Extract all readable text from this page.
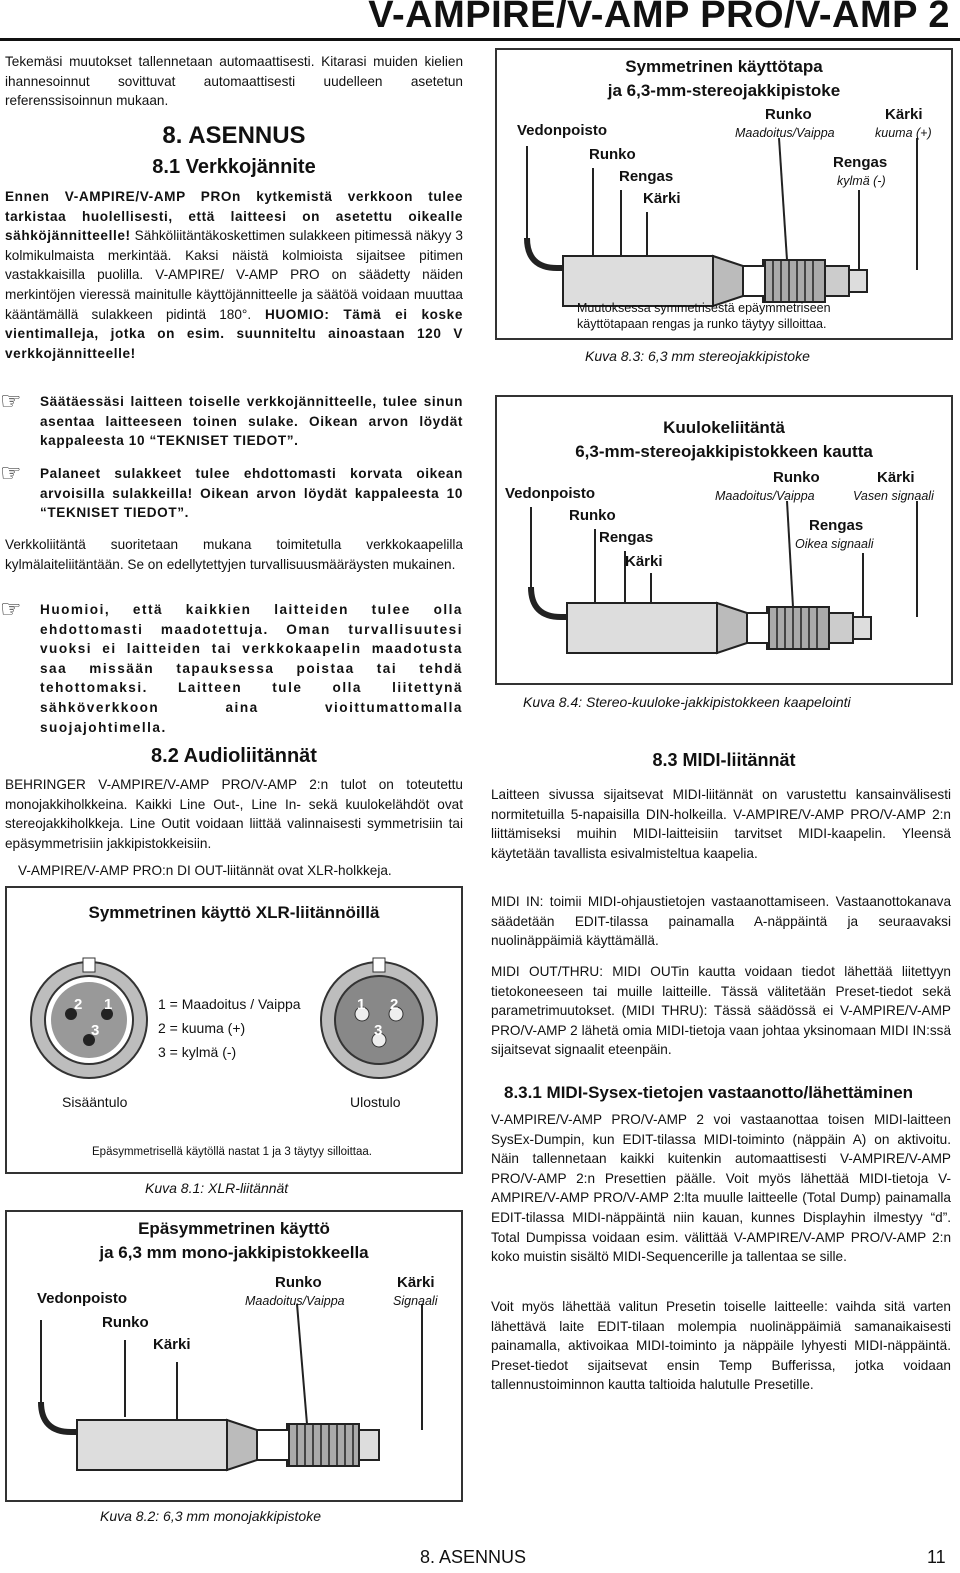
V-AMPIRE/V-AMP PRO/V-AMP 2

Tekemäsi muutokset tallennetaan automaattisesti. Kitarasi muiden kielien ihannesoinnut sovittuvat automaattisesti uudelleen asetetun referenssisoinnun mukaan.

8. ASENNUS
8.1 Verkkojännite

Ennen V-AMPIRE/V-AMP PROn kytkemistä verkkoon tulee tarkistaa huolellisesti, että laitteesi on asetettu oikealle sähköjännitteelle! Sähköliitäntäkoskettimen sulakkeen pitimessä näkyy 3 kolmikulmaista merkintää. Kaksi näistä kolmioista sijaitsee pitimen vastakkaisilla puolilla. V-AMPIRE/ V-AMP PRO on säädetty näiden merkintöjen vieressä mainitulle käyttöjännitteelle ja säätöä voidaan muuttaa kääntämällä sulakkeen pidintä 180°. HUOMIO: Tämä ei koske vientimalleja, jotka on esim. suunniteltu ainoastaan 120 V verkkojännitteelle!

☞	Säätäessäsi laitteen toiselle verkkojännitteelle, tulee sinun asentaa laitteeseen toinen sulake. Oikean arvon löydät kappaleesta 10 “TEKNISET TIEDOT”.

☞	Palaneet sulakkeet tulee ehdottomasti korvata oikean arvoisilla sulakkeilla! Oikean arvon löydät kappaleesta 10 “TEKNISET TIEDOT”.

Verkkoliitäntä suoritetaan mukana toimitetulla verkkokaapelilla kylmälaiteliitäntään. Se on edellytettyjen turvallisuusmääräysten mukainen.

☞	Huomioi, että kaikkien laitteiden tulee olla ehdottomasti maadotettuja. Oman turvallisuutesi vuoksi ei laitteiden tai verkkokaapelin maadotusta saa missään tapauksessa poistaa tai tehdä tehottomaksi. Laitteen tule olla liitettynä sähköverkkoon aina vioittumattomalla suojajohtimella.

8.2 Audioliitännät

BEHRINGER V-AMPIRE/V-AMP PRO/V-AMP 2:n tulot on toteutettu monojakkiholkkeina. Kaikki Line Out-, Line In- sekä kuulokelähdöt ovat stereojakkiholkkeja. Line Outit voidaan liittää valinnaisesti symmetrisiin tai epäsymmetrisiin jakkipistokkeisiin.

V-AMPIRE/V-AMP PRO:n DI OUT-liitännät ovat XLR-holkkeja.

Symmetrinen käyttö XLR-liitännöillä
2 1
3
1 2
3
1 = Maadoitus / Vaippa
2 = kuuma (+)
3 = kylmä (-)
Sisääntulo	Ulostulo
Epäsymmetrisellä käytöllä nastat 1 ja 3 täytyy silloittaa.
Kuva 8.1: XLR-liitännät
Epäsymmetrinen käyttö
ja 6,3 mm mono-jakkipistokkeella
Vedonpoisto
Runko
Kärki
Runko
Maadoitus/Vaippa
Kärki
Signaali
Kuva 8.2: 6,3 mm monojakkipistoke
Symmetrinen käyttötapa
ja 6,3-mm-stereojakkipistoke
Vedonpoisto
Runko
Rengas
Kärki
Runko
Maadoitus/Vaippa
Kärki
kuuma (+)
Rengas
kylmä (-)
Muutoksessa symmetrisestä epäymmetriseen käyttötapaan rengas ja runko täytyy silloittaa.
Kuva 8.3: 6,3 mm stereojakkipistoke
Kuulokeliitäntä
6,3-mm-stereojakkipistokkeen kautta
Vedonpoisto
Runko
Rengas
Kärki
Runko
Maadoitus/Vaippa
Kärki
Vasen signaali
Rengas
Oikea signaali
Kuva 8.4: Stereo-kuuloke-jakkipistokkeen kaapelointi
8.3 MIDI-liitännät

Laitteen sivussa sijaitsevat MIDI-liitännät on varustettu kansainvälisesti normitetuilla 5-napaisilla DIN-holkeilla. V-AMPIRE/V-AMP PRO/V-AMP 2:n liittämiseksi muihin MIDI-laitteisiin tarvitset MIDI-kaapelin. Yleensä käytetään tavallista esivalmisteltua kaapelia.

MIDI IN: toimii MIDI-ohjaustietojen vastaanottamiseen. Vastaanottokanava säädetään EDIT-tilassa painamalla A-näppäintä ja seuraavaksi nuolinäppäimiä käyttämällä.

MIDI OUT/THRU: MIDI OUTin kautta voidaan tiedot lähettää liitettyyn tietokoneeseen tai muille laitteille. Tässä välitetään Preset-tiedot sekä parametrimuutokset. (MIDI THRU): Tässä säädössä ei V-AMPIRE/V-AMP PRO/V-AMP 2 lähetä omia MIDI-tietoja vaan johtaa yksinomaan MIDI IN:ssä sijaitsevat signaalit eteenpäin.

8.3.1 MIDI-Sysex-tietojen vastaanotto/lähettäminen

V-AMPIRE/V-AMP PRO/V-AMP 2 voi vastaanottaa toisen MIDI-laitteen SysEx-Dumpin, kun EDIT-tilassa MIDI-toiminto (näppäin A) on aktivoitu. Näin tallennetaan kaikki kuitenkin automaattisesti V-AMPIRE/V-AMP PRO/V-AMP 2:n Presettien päälle. Voit myös lähettää MIDI-tietoja V-AMPIRE/V-AMP PRO/V-AMP 2:lta muulle laitteelle (Total Dump) painamalla EDIT-tilassa MIDI-näppäintä niin kauan, kunnes Displayhin ilmestyy “d”. Total Dumpissa voidaan esim. välittää V-AMPIRE/V-AMP PRO/V-AMP 2:n koko muistin sisältö MIDI-Sequencerille ja tallentaa se sille.

Voit myös lähettää valitun Presetin toiselle laitteelle: vaihda sitä varten lähettävä laite EDIT-tilaan molempia nuolinäppäimiä samanaikaisesti painamalla, aktivoikaa MIDI-toiminto ja näppäile lyhyesti MIDI-näppäintä. Preset-tiedot sijaitsevat ensin Temp Bufferissa, jotka voidaan tallennustoiminnon kautta taltioida halutulle Presetille.

8. ASENNUS	11
